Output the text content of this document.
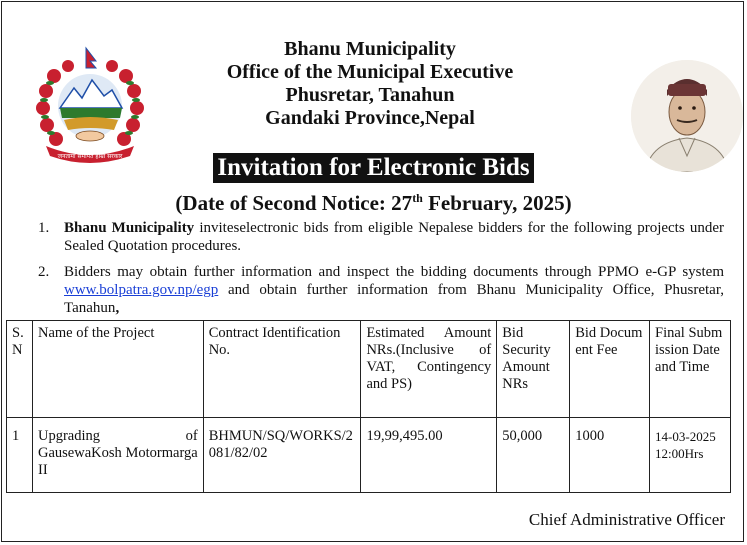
जनतामा समर्पित हाम्रो सरकार
Bhanu Municipality
Office of the Municipal Executive
Phusretar, Tanahun
Gandaki Province,Nepal
Invitation for Electronic Bids
(Date of Second Notice: 27th February, 2025)
1. Bhanu Municipality inviteselectronic bids from eligible Nepalese bidders for the following projects under Sealed Quotation procedures.
2. Bidders may obtain further information and inspect the bidding documents through PPMO e-GP system www.bolpatra.gov.np/egp and obtain further information from Bhanu Municipality Office, Phusretar, Tanahun,
S.N	Name of the Project	Contract Identification No.	Estimated Amount NRs.(Inclusive of VAT, Contingency and PS)	Bid Security Amount NRs	Bid Document Fee	Final Submission Date and Time
1	Upgrading of GausewaKosh Motormarga II	BHMUN/SQ/WORKS/2081/82/02	19,99,495.00	50,000	1000	14-03-2025
12:00Hrs
Chief Administrative Officer
